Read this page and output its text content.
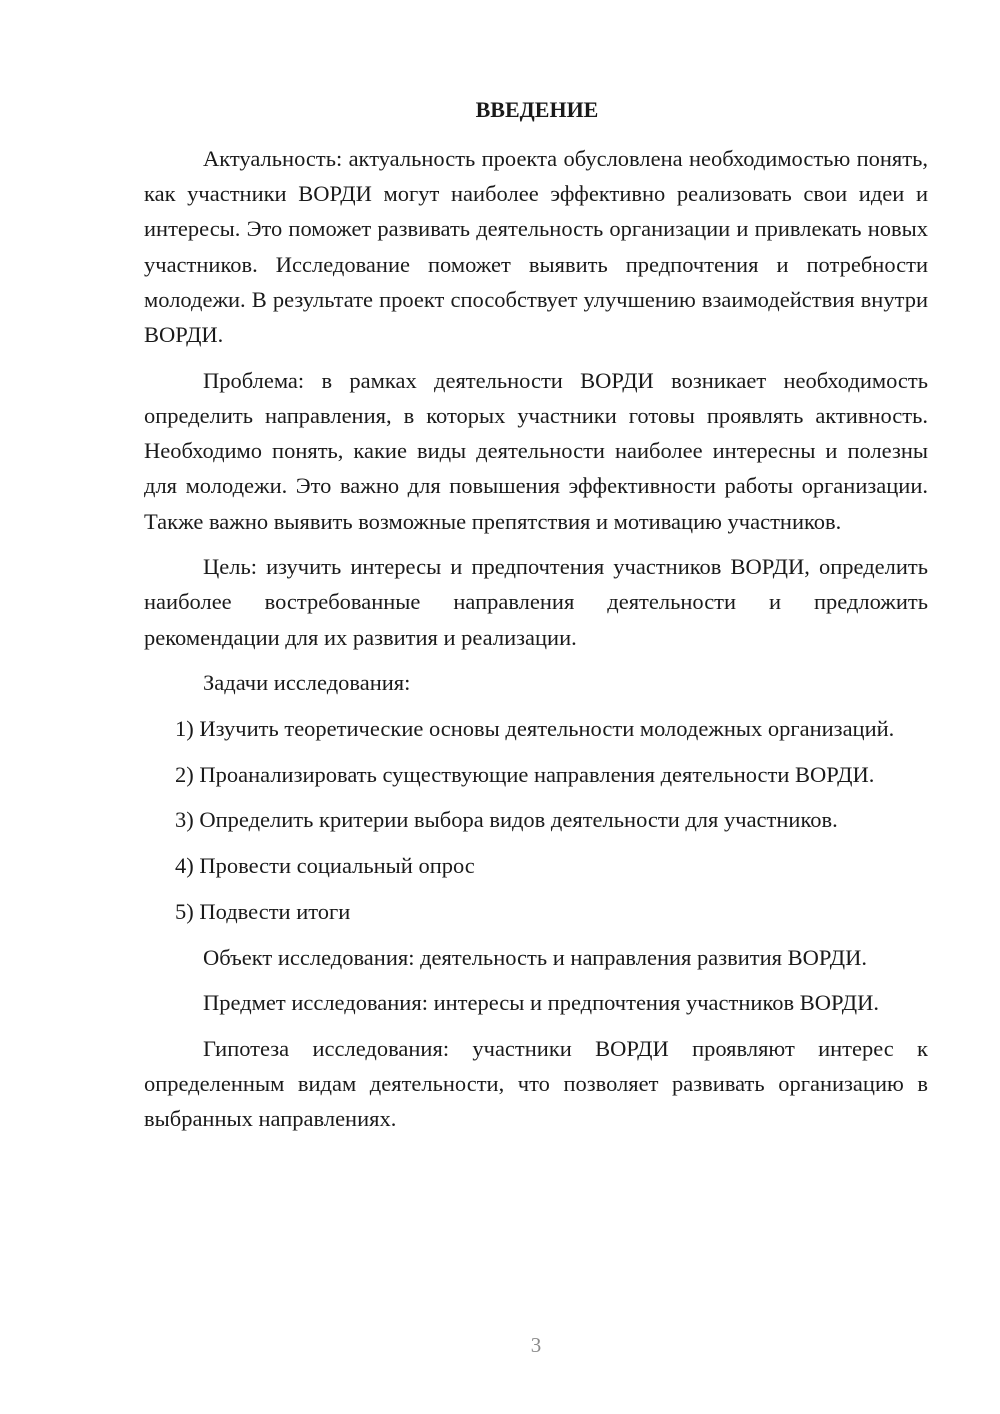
ВВЕДЕНИЕ

Актуальность: актуальность проекта обусловлена необходимостью понять, как участники ВОРДИ могут наиболее эффективно реализовать свои идеи и интересы. Это поможет развивать деятельность организации и привлекать новых участников. Исследование поможет выявить предпочтения и потребности молодежи. В результате проект способствует улучшению взаимодействия внутри ВОРДИ.

Проблема: в рамках деятельности ВОРДИ возникает необходимость определить направления, в которых участники готовы проявлять активность. Необходимо понять, какие виды деятельности наиболее интересны и полезны для молодежи. Это важно для повышения эффективности работы организации. Также важно выявить возможные препятствия и мотивацию участников.

Цель: изучить интересы и предпочтения участников ВОРДИ, определить наиболее востребованные направления деятельности и предложить рекомендации для их развития и реализации.

Задачи исследования:

1) Изучить теоретические основы деятельности молодежных организаций.

2) Проанализировать существующие направления деятельности ВОРДИ.

3) Определить критерии выбора видов деятельности для участников.

4) Провести социальный опрос

5) Подвести итоги

Объект исследования: деятельность и направления развития ВОРДИ.

Предмет исследования: интересы и предпочтения участников ВОРДИ.

Гипотеза исследования: участники ВОРДИ проявляют интерес к определенным видам деятельности, что позволяет развивать организацию в выбранных направлениях.

3
